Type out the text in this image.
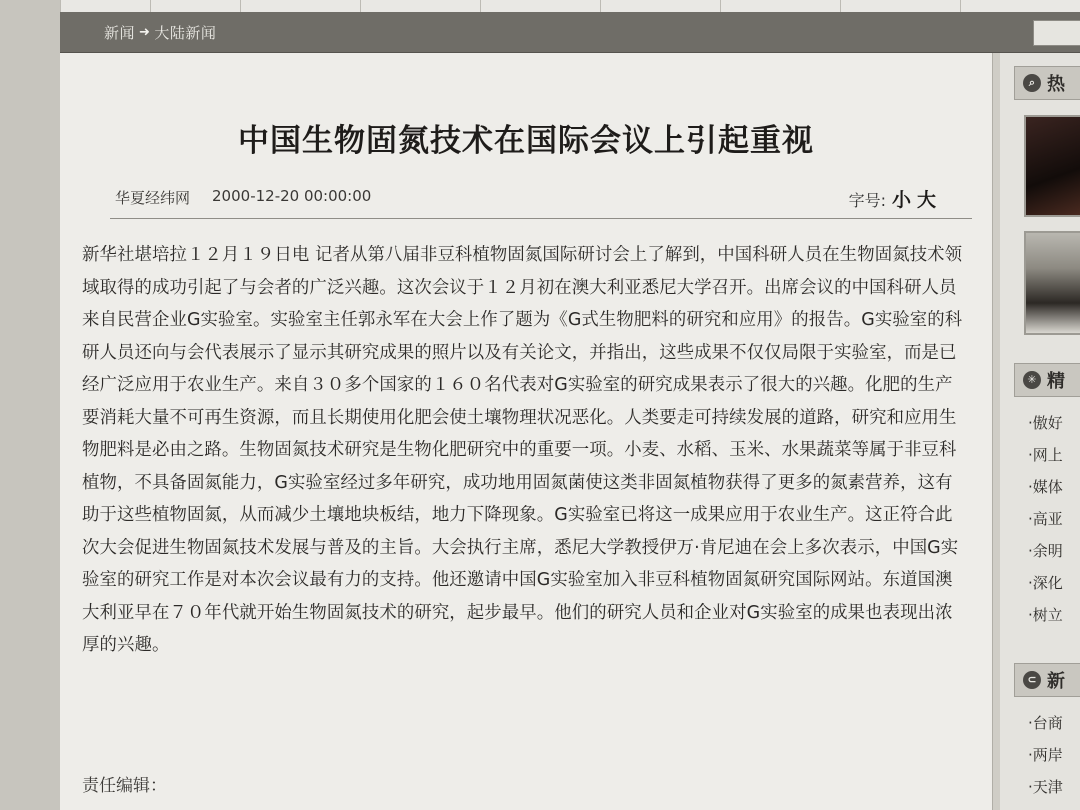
新闻 ➜ 大陆新闻
中国生物固氮技术在国际会议上引起重视
华夏经纬网 2000-12-20 00:00:00	字号: 小 大
新华社堪培拉１２月１９日电 记者从第八届非豆科植物固氮国际研讨会上了解到，中国科研人员在生物固氮技术领域取得的成功引起了与会者的广泛兴趣。这次会议于１２月初在澳大利亚悉尼大学召开。出席会议的中国科研人员来自民营企业G实验室。实验室主任郭永军在大会上作了题为《G式生物肥料的研究和应用》的报告。G实验室的科研人员还向与会代表展示了显示其研究成果的照片以及有关论文，并指出，这些成果不仅仅局限于实验室，而是已经广泛应用于农业生产。来自３０多个国家的１６０名代表对G实验室的研究成果表示了很大的兴趣。化肥的生产要消耗大量不可再生资源，而且长期使用化肥会使土壤物理状况恶化。人类要走可持续发展的道路，研究和应用生物肥料是必由之路。生物固氮技术研究是生物化肥研究中的重要一项。小麦、水稻、玉米、水果蔬菜等属于非豆科植物，不具备固氮能力，G实验室经过多年研究，成功地用固氮菌使这类非固氮植物获得了更多的氮素营养，这有助于这些植物固氮，从而减少土壤地块板结，地力下降现象。G实验室已将这一成果应用于农业生产。这正符合此次大会促进生物固氮技术发展与普及的主旨。大会执行主席，悉尼大学教授伊万·肯尼迪在会上多次表示，中国G实验室的研究工作是对本次会议最有力的支持。他还邀请中国G实验室加入非豆科植物固氮研究国际网站。东道国澳大利亚早在７０年代就开始生物固氮技术的研究，起步最早。他们的研究人员和企业对G实验室的成果也表现出浓厚的兴趣。
责任编辑：
⌕ 热
✳ 精
·傲好
·网上
·媒体
·高亚
·余明
·深化
·树立
⊂ 新
·台商
·两岸
·天津
